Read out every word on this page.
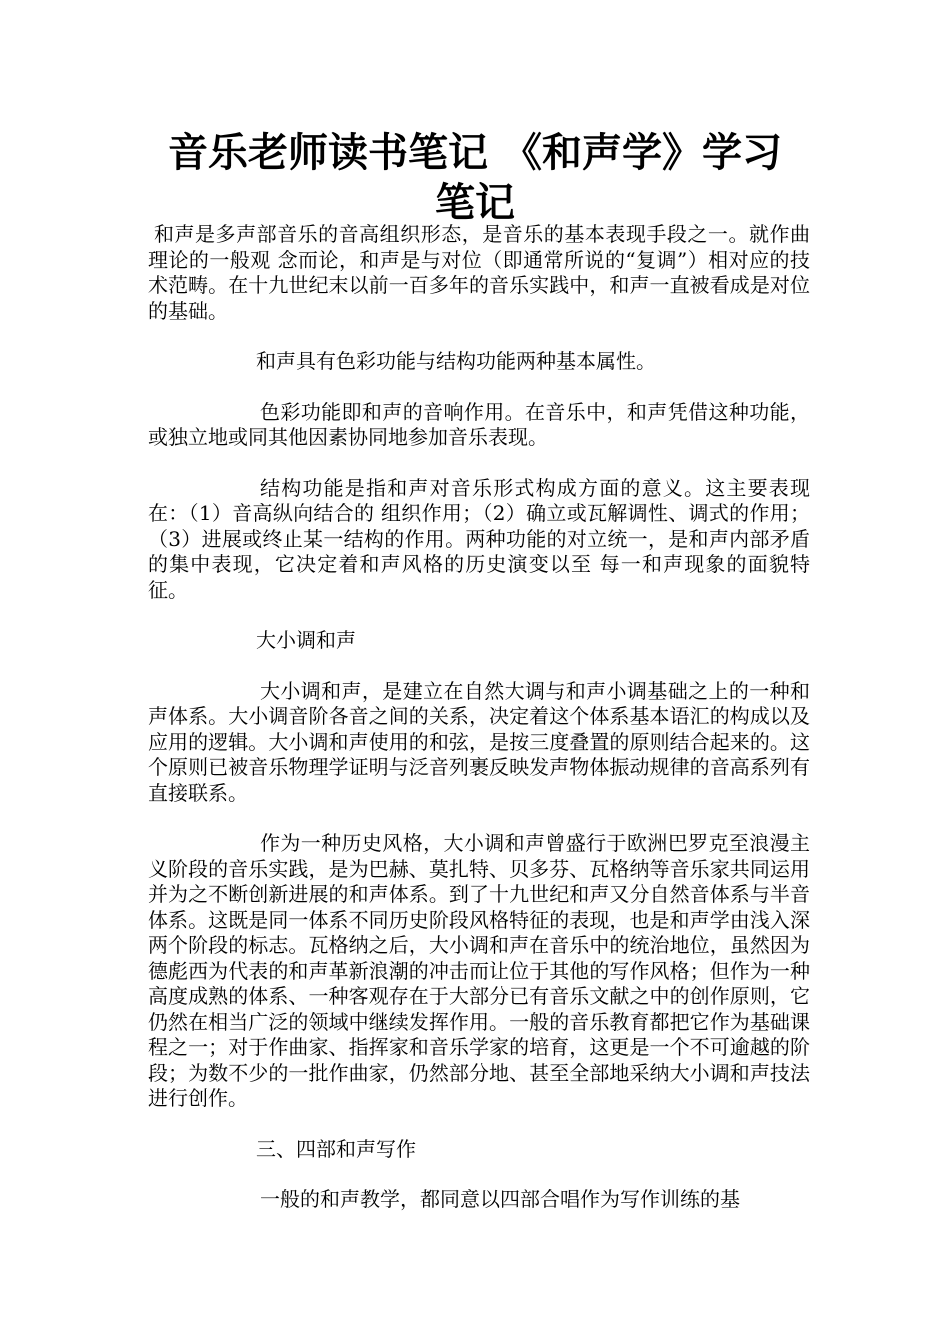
音乐老师读书笔记 《和声学》学习笔记

和声是多声部音乐的音高组织形态，是音乐的基本表现手段之一。就作曲理论的一般观 念而论，和声是与对位（即通常所说的“复调”）相对应的技术范畴。在十九世纪末以前一百多年的音乐实践中，和声一直被看成是对位的基础。

和声具有色彩功能与结构功能两种基本属性。

色彩功能即和声的音响作用。在音乐中，和声凭借这种功能，或独立地或同其他因素协同地参加音乐表现。

结构功能是指和声对音乐形式构成方面的意义。这主要表现在：（1）音高纵向结合的 组织作用；（2）确立或瓦解调性、调式的作用；（3）进展或终止某一结构的作用。两种功能的对立统一，是和声内部矛盾的集中表现，它决定着和声风格的历史演变以至 每一和声现象的面貌特征。

大小调和声

大小调和声，是建立在自然大调与和声小调基础之上的一种和声体系。大小调音阶各音之间的关系，决定着这个体系基本语汇的构成以及应用的逻辑。大小调和声使用的和弦，是按三度叠置的原则结合起来的。这个原则已被音乐物理学证明与泛音列裹反映发声物体振动规律的音高系列有直接联系。

作为一种历史风格，大小调和声曾盛行于欧洲巴罗克至浪漫主义阶段的音乐实践，是为巴赫、莫扎特、贝多芬、瓦格纳等音乐家共同运用并为之不断创新进展的和声体系。到了十九世纪和声又分自然音体系与半音体系。这既是同一体系不同历史阶段风格特征的表现，也是和声学由浅入深两个阶段的标志。瓦格纳之后，大小调和声在音乐中的统治地位，虽然因为德彪西为代表的和声革新浪潮的冲击而让位于其他的写作风格；但作为一种高度成熟的体系、一种客观存在于大部分已有音乐文献之中的创作原则，它仍然在相当广泛的领域中继续发挥作用。一般的音乐教育都把它作为基础课程之一；对于作曲家、指挥家和音乐学家的培育，这更是一个不可逾越的阶段；为数不少的一批作曲家，仍然部分地、甚至全部地采纳大小调和声技法进行创作。

三、四部和声写作

一般的和声教学，都同意以四部合唱作为写作训练的基
